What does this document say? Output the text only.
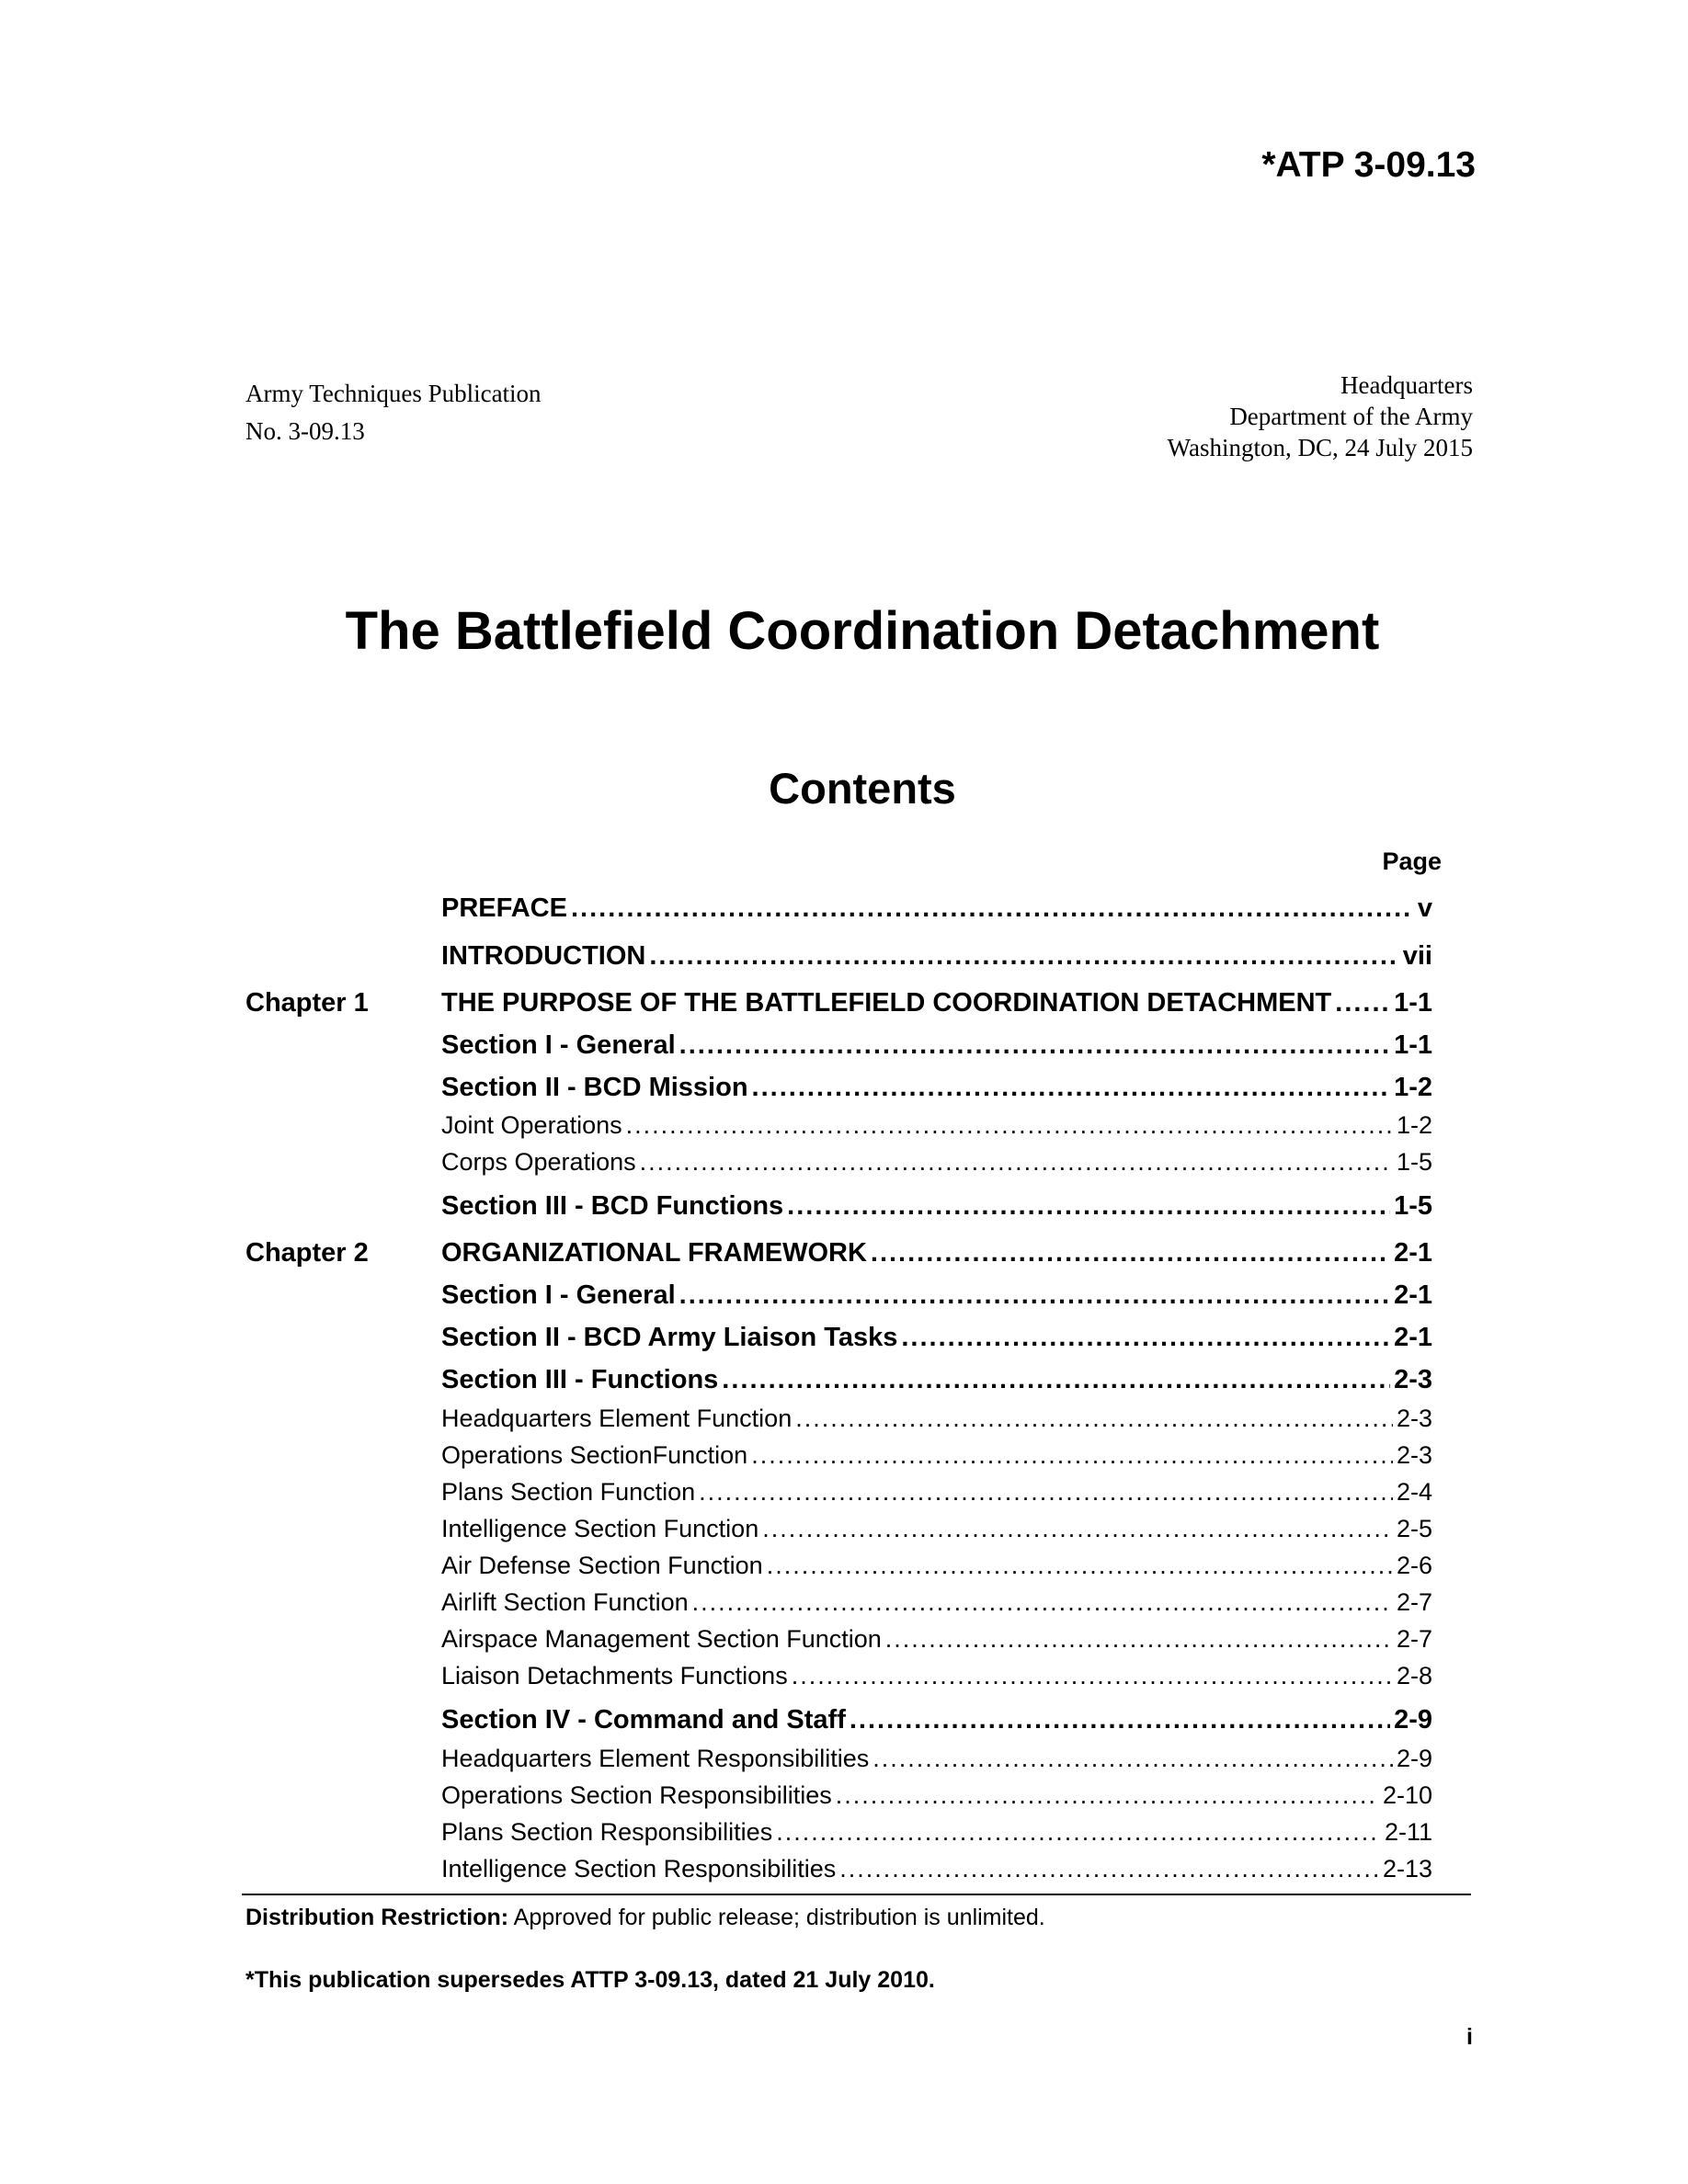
*ATP 3-09.13
Army Techniques Publication
No. 3-09.13
Headquarters
Department of the Army
Washington, DC, 24 July 2015
The Battlefield Coordination Detachment
Contents
Page
PREFACE .....	v
INTRODUCTION .....	vii
Chapter 1	THE PURPOSE OF THE BATTLEFIELD COORDINATION DETACHMENT ..... 1-1
Section I - General .....	1-1
Section II - BCD Mission .....	1-2
Joint Operations .....	1-2
Corps Operations .....	1-5
Section III - BCD Functions .....	1-5
Chapter 2	ORGANIZATIONAL FRAMEWORK .....	2-1
Section I - General .....	2-1
Section II - BCD Army Liaison Tasks .....	2-1
Section III - Functions .....	2-3
Headquarters Element Function .....	2-3
Operations SectionFunction .....	2-3
Plans Section Function .....	2-4
Intelligence Section Function .....	2-5
Air Defense Section Function .....	2-6
Airlift Section Function .....	2-7
Airspace Management Section Function .....	2-7
Liaison Detachments Functions .....	2-8
Section IV - Command and Staff .....	2-9
Headquarters Element Responsibilities .....	2-9
Operations Section Responsibilities .....	2-10
Plans Section Responsibilities .....	2-11
Intelligence Section Responsibilities .....	2-13
Distribution Restriction: Approved for public release; distribution is unlimited.
*This publication supersedes ATTP 3-09.13, dated 21 July 2010.
i
